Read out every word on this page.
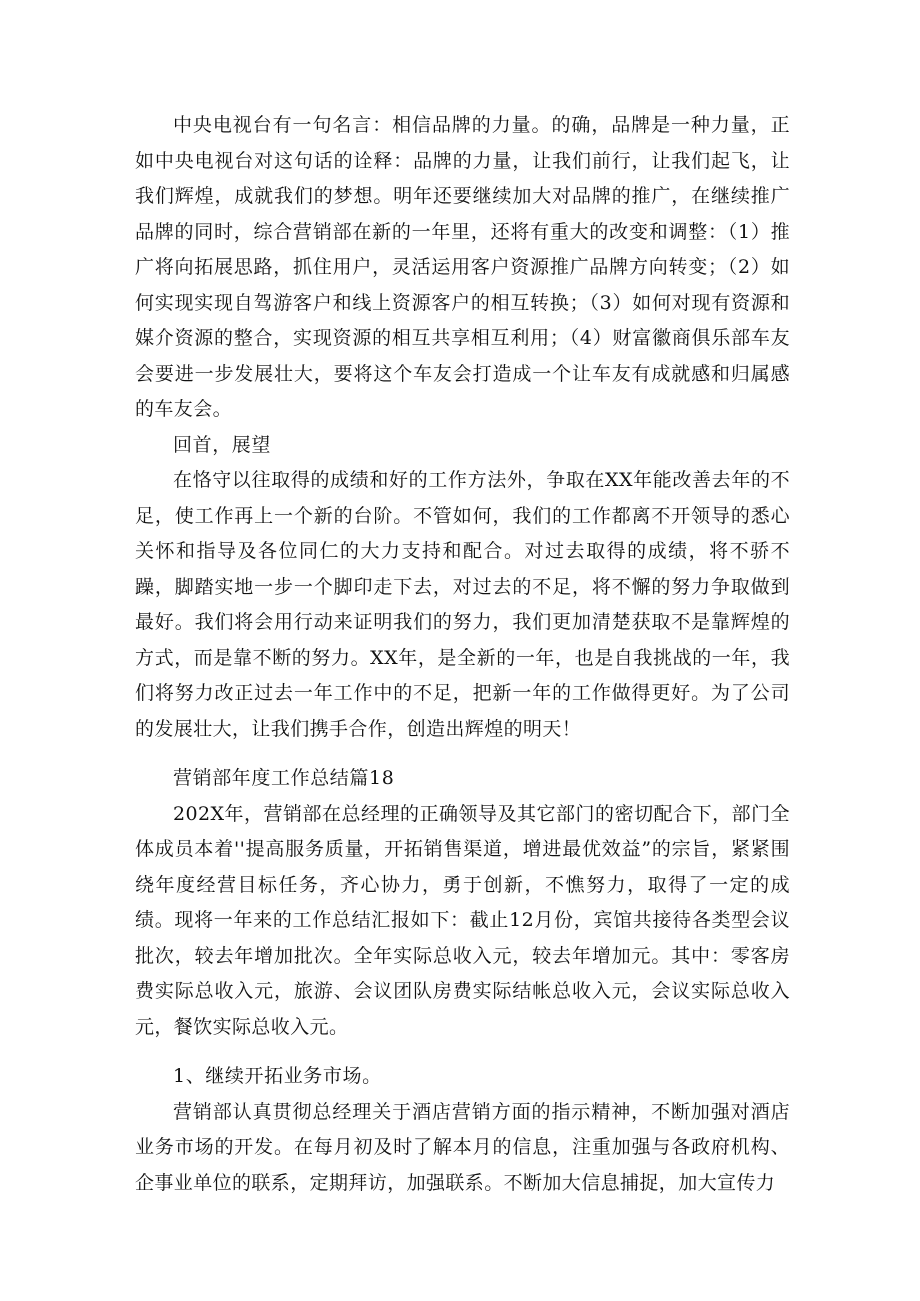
中央电视台有一句名言：相信品牌的力量。的确，品牌是一种力量，正如中央电视台对这句话的诠释：品牌的力量，让我们前行，让我们起飞，让我们辉煌，成就我们的梦想。明年还要继续加大对品牌的推广，在继续推广品牌的同时，综合营销部在新的一年里，还将有重大的改变和调整：（1）推广将向拓展思路，抓住用户，灵活运用客户资源推广品牌方向转变；（2）如何实现实现自驾游客户和线上资源客户的相互转换；（3）如何对现有资源和媒介资源的整合，实现资源的相互共享相互利用；（4）财富徽商俱乐部车友会要进一步发展壮大，要将这个车友会打造成一个让车友有成就感和归属感的车友会。

回首，展望

在恪守以往取得的成绩和好的工作方法外，争取在XX年能改善去年的不足，使工作再上一个新的台阶。不管如何，我们的工作都离不开领导的悉心关怀和指导及各位同仁的大力支持和配合。对过去取得的成绩，将不骄不躁，脚踏实地一步一个脚印走下去，对过去的不足，将不懈的努力争取做到最好。我们将会用行动来证明我们的努力，我们更加清楚获取不是靠辉煌的方式，而是靠不断的努力。XX年，是全新的一年，也是自我挑战的一年，我们将努力改正过去一年工作中的不足，把新一年的工作做得更好。为了公司的发展壮大，让我们携手合作，创造出辉煌的明天！

营销部年度工作总结篇18

202X年，营销部在总经理的正确领导及其它部门的密切配合下，部门全体成员本着''提高服务质量，开拓销售渠道，增进最优效益”的宗旨，紧紧围绕年度经营目标任务，齐心协力，勇于创新，不憔努力，取得了一定的成绩。现将一年来的工作总结汇报如下：截止12月份，宾馆共接待各类型会议批次，较去年增加批次。全年实际总收入元，较去年增加元。其中：零客房费实际总收入元，旅游、会议团队房费实际结帐总收入元，会议实际总收入元，餐饮实际总收入元。

1、继续开拓业务市场。

营销部认真贯彻总经理关于酒店营销方面的指示精神，不断加强对酒店业务市场的开发。在每月初及时了解本月的信息，注重加强与各政府机构、企事业单位的联系，定期拜访，加强联系。不断加大信息捕捉，加大宣传力
